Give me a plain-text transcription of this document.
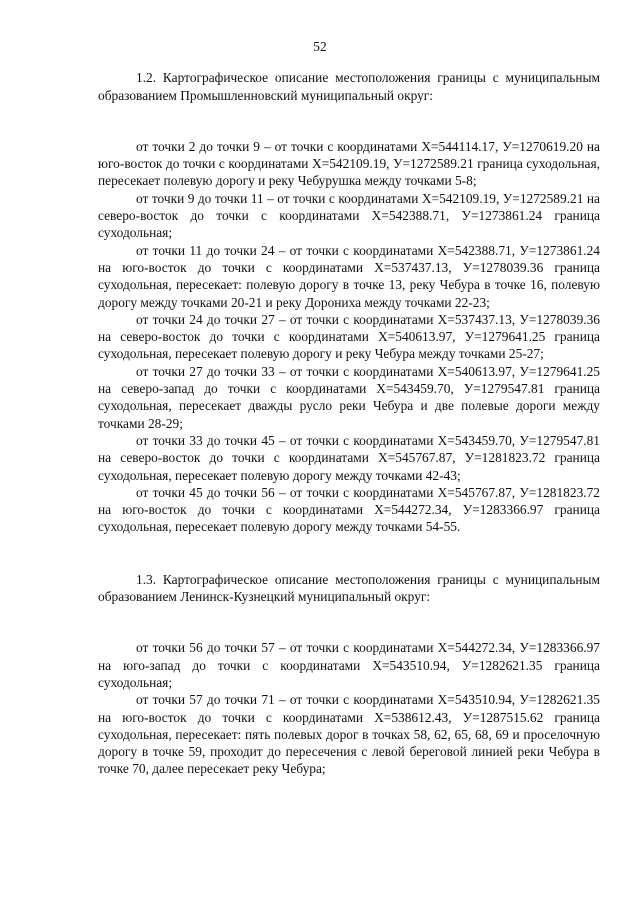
52

1.2. Картографическое описание местоположения границы с муниципальным образованием Промышленновский муниципальный округ:

от точки 2 до точки 9 – от точки с координатами Х=544114.17, У=1270619.20 на юго-восток до точки с координатами Х=542109.19, У=1272589.21 граница суходольная, пересекает полевую дорогу и реку Чебурушка между точками 5-8;

от точки 9 до точки 11 – от точки с координатами Х=542109.19, У=1272589.21 на северо-восток до точки с координатами Х=542388.71, У=1273861.24 граница суходольная;

от точки 11 до точки 24 – от точки с координатами Х=542388.71, У=1273861.24 на юго-восток до точки с координатами Х=537437.13, У=1278039.36 граница суходольная, пересекает: полевую дорогу в точке 13, реку Чебура в точке 16, полевую дорогу между точками 20-21 и реку Дорониха между точками 22-23;

от точки 24 до точки 27 – от точки с координатами Х=537437.13, У=1278039.36 на северо-восток до точки с координатами Х=540613.97, У=1279641.25 граница суходольная, пересекает полевую дорогу и реку Чебура между точками 25-27;

от точки 27 до точки 33 – от точки с координатами Х=540613.97, У=1279641.25 на северо-запад до точки с координатами Х=543459.70, У=1279547.81 граница суходольная, пересекает дважды русло реки Чебура и две полевые дороги между точками 28-29;

от точки 33 до точки 45 – от точки с координатами Х=543459.70, У=1279547.81 на северо-восток до точки с координатами Х=545767.87, У=1281823.72 граница суходольная, пересекает полевую дорогу между точками 42-43;

от точки 45 до точки 56 – от точки с координатами Х=545767.87, У=1281823.72 на юго-восток до точки с координатами Х=544272.34, У=1283366.97 граница суходольная, пересекает полевую дорогу между точками 54-55.

1.3. Картографическое описание местоположения границы с муниципальным образованием Ленинск-Кузнецкий муниципальный округ:

от точки 56 до точки 57 – от точки с координатами Х=544272.34, У=1283366.97 на юго-запад до точки с координатами Х=543510.94, У=1282621.35 граница суходольная;

от точки 57 до точки 71 – от точки с координатами Х=543510.94, У=1282621.35 на юго-восток до точки с координатами Х=538612.43, У=1287515.62 граница суходольная, пересекает: пять полевых дорог в точках 58, 62, 65, 68, 69 и проселочную дорогу в точке 59, проходит до пересечения с левой береговой линией реки Чебура в точке 70, далее пересекает реку Чебура;
